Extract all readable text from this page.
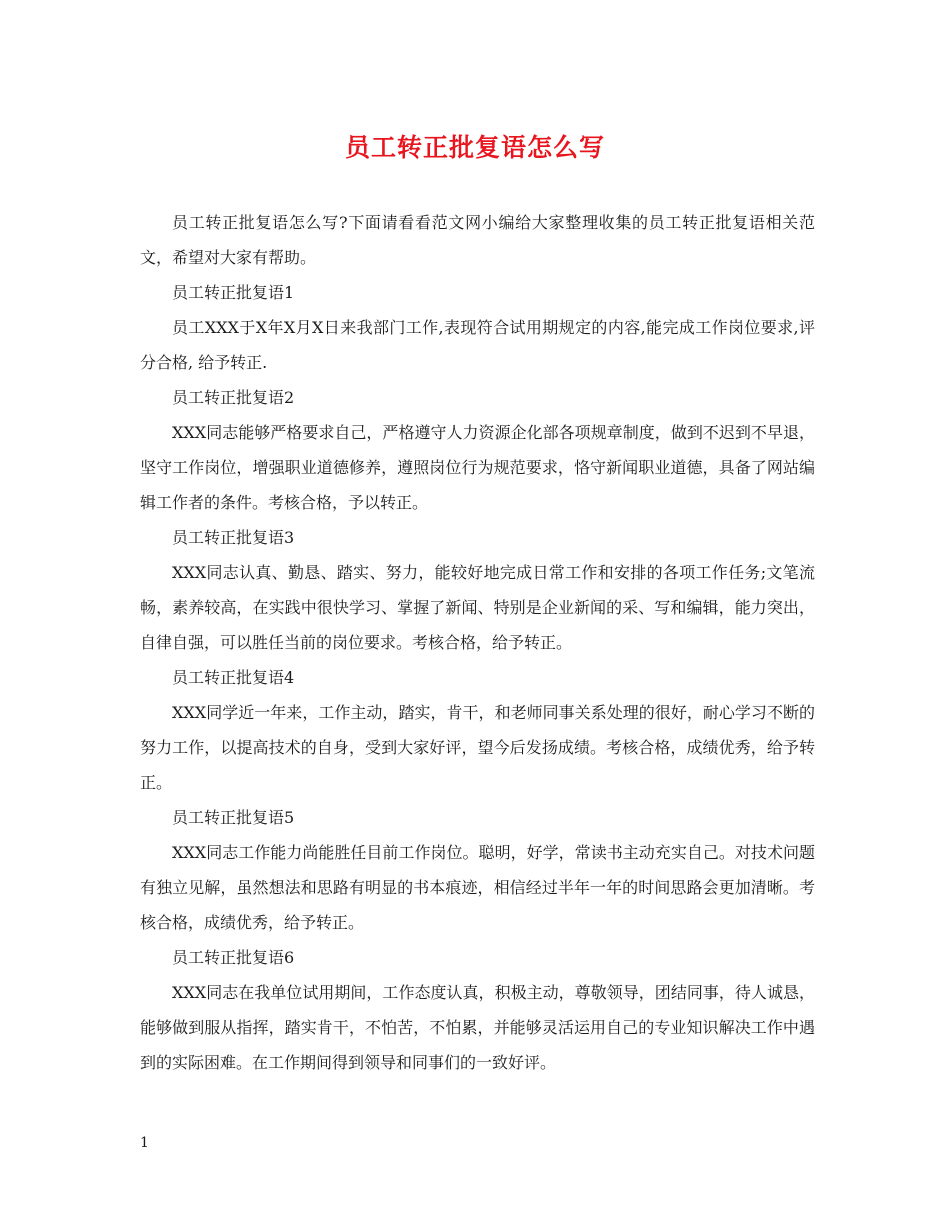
员工转正批复语怎么写

员工转正批复语怎么写?下面请看看范文网小编给大家整理收集的员工转正批复语相关范文，希望对大家有帮助。

员工转正批复语1

员工XXX于X年X月X日来我部门工作,表现符合试用期规定的内容,能完成工作岗位要求,评分合格, 给予转正.

员工转正批复语2

XXX同志能够严格要求自己，严格遵守人力资源企化部各项规章制度，做到不迟到不早退，坚守工作岗位，增强职业道德修养，遵照岗位行为规范要求，恪守新闻职业道德，具备了网站编辑工作者的条件。考核合格，予以转正。

员工转正批复语3

XXX同志认真、勤恳、踏实、努力，能较好地完成日常工作和安排的各项工作任务;文笔流畅，素养较高，在实践中很快学习、掌握了新闻、特别是企业新闻的采、写和编辑，能力突出，自律自强，可以胜任当前的岗位要求。考核合格，给予转正。

员工转正批复语4

XXX同学近一年来，工作主动，踏实，肯干，和老师同事关系处理的很好，耐心学习不断的努力工作，以提高技术的自身，受到大家好评，望今后发扬成绩。考核合格，成绩优秀，给予转正。

员工转正批复语5

XXX同志工作能力尚能胜任目前工作岗位。聪明，好学，常读书主动充实自己。对技术问题有独立见解，虽然想法和思路有明显的书本痕迹，相信经过半年一年的时间思路会更加清晰。考核合格，成绩优秀，给予转正。

员工转正批复语6

XXX同志在我单位试用期间，工作态度认真，积极主动，尊敬领导，团结同事，待人诚恳，能够做到服从指挥，踏实肯干，不怕苦，不怕累，并能够灵活运用自己的专业知识解决工作中遇到的实际困难。在工作期间得到领导和同事们的一致好评。

1
